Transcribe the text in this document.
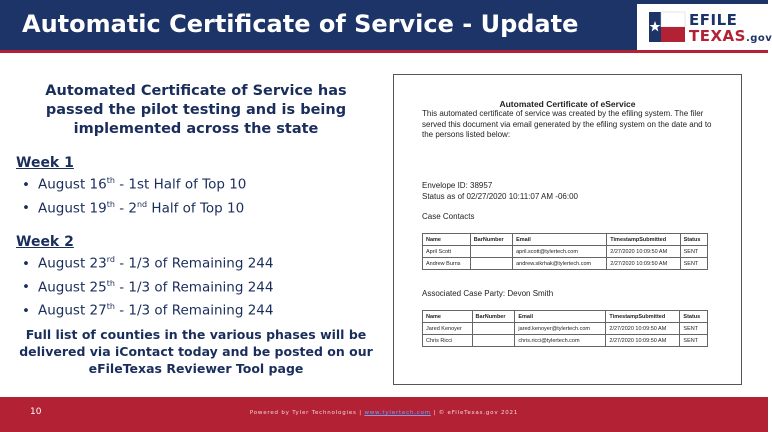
Automatic Certificate of Service - Update	EFILE
TEXAS.gov
Automated Certificate of Service has passed the pilot testing and is being implemented across the state
Week 1
• August 16th - 1st Half of Top 10
• August 19th - 2nd Half of Top 10
Week 2
• August 23rd - 1/3 of Remaining 244
• August 25th - 1/3 of Remaining 244
• August 27th - 1/3 of Remaining 244
Full list of counties in the various phases will be delivered via iContact today and be posted on our eFileTexas Reviewer Tool page
Automated Certificate of eService
This automated certificate of service was created by the efiling system. The filer served this document via email generated by the efiling system on the date and to the persons listed below:
Envelope ID: 38957
Status as of 02/27/2020 10:11:07 AM -06:00
Case Contacts
Name	BarNumber	Email	TimestampSubmitted	Status
April Scott		april.scott@tylertech.com	2/27/2020 10:09:50 AM	SENT
Andrew Burns		andrew.sikrhak@tylertech.com	2/27/2020 10:09:50 AM	SENT
Associated Case Party: Devon Smith
Name	BarNumber	Email	TimestampSubmitted	Status
Jared Kenoyer		jared.kenoyer@tylertech.com	2/27/2020 10:09:50 AM	SENT
Chris Ricci		chris.ricci@tylertech.com	2/27/2020 10:09:50 AM	SENT
10	Powered by Tyler Technologies | www.tylertech.com | © eFileTexas.gov 2021
